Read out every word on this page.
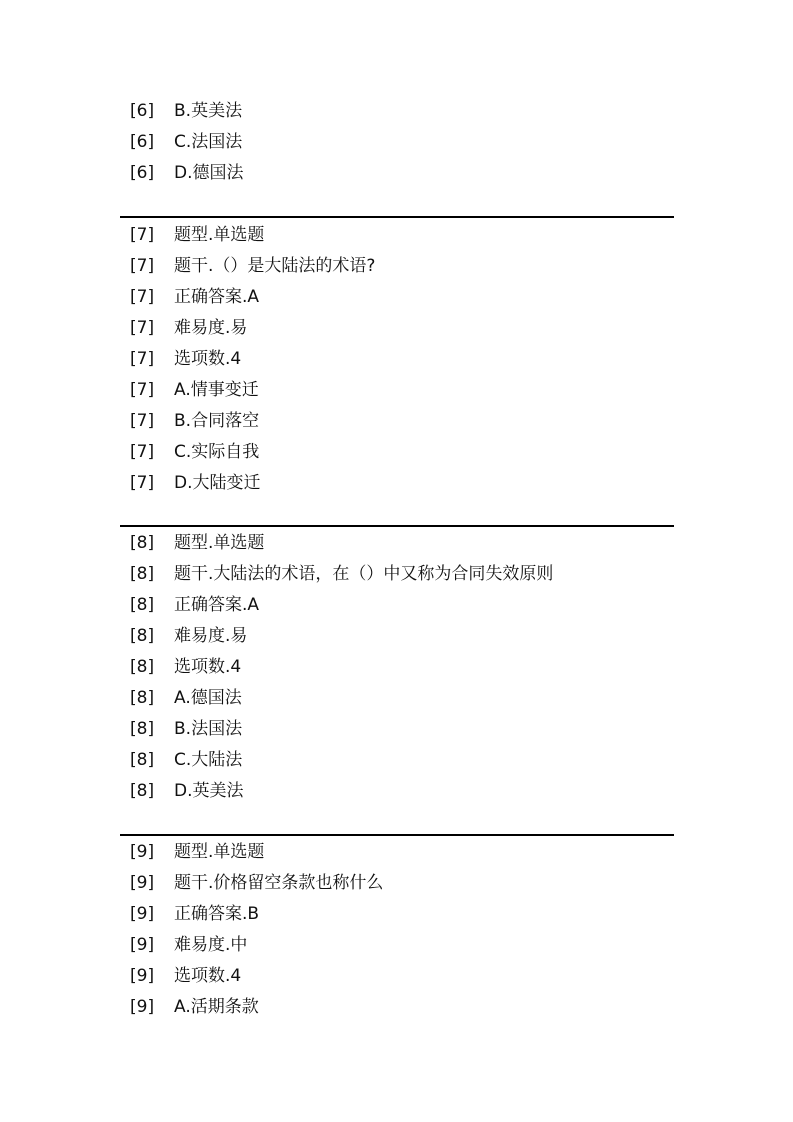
[6] B.英美法
[6] C.法国法
[6] D.德国法
[7] 题型.单选题
[7] 题干.（）是大陆法的术语?
[7] 正确答案.A
[7] 难易度.易
[7] 选项数.4
[7] A.情事变迁
[7] B.合同落空
[7] C.实际自我
[7] D.大陆变迁
[8] 题型.单选题
[8] 题干.大陆法的术语，在（）中又称为合同失效原则
[8] 正确答案.A
[8] 难易度.易
[8] 选项数.4
[8] A.德国法
[8] B.法国法
[8] C.大陆法
[8] D.英美法
[9] 题型.单选题
[9] 题干.价格留空条款也称什么
[9] 正确答案.B
[9] 难易度.中
[9] 选项数.4
[9] A.活期条款
